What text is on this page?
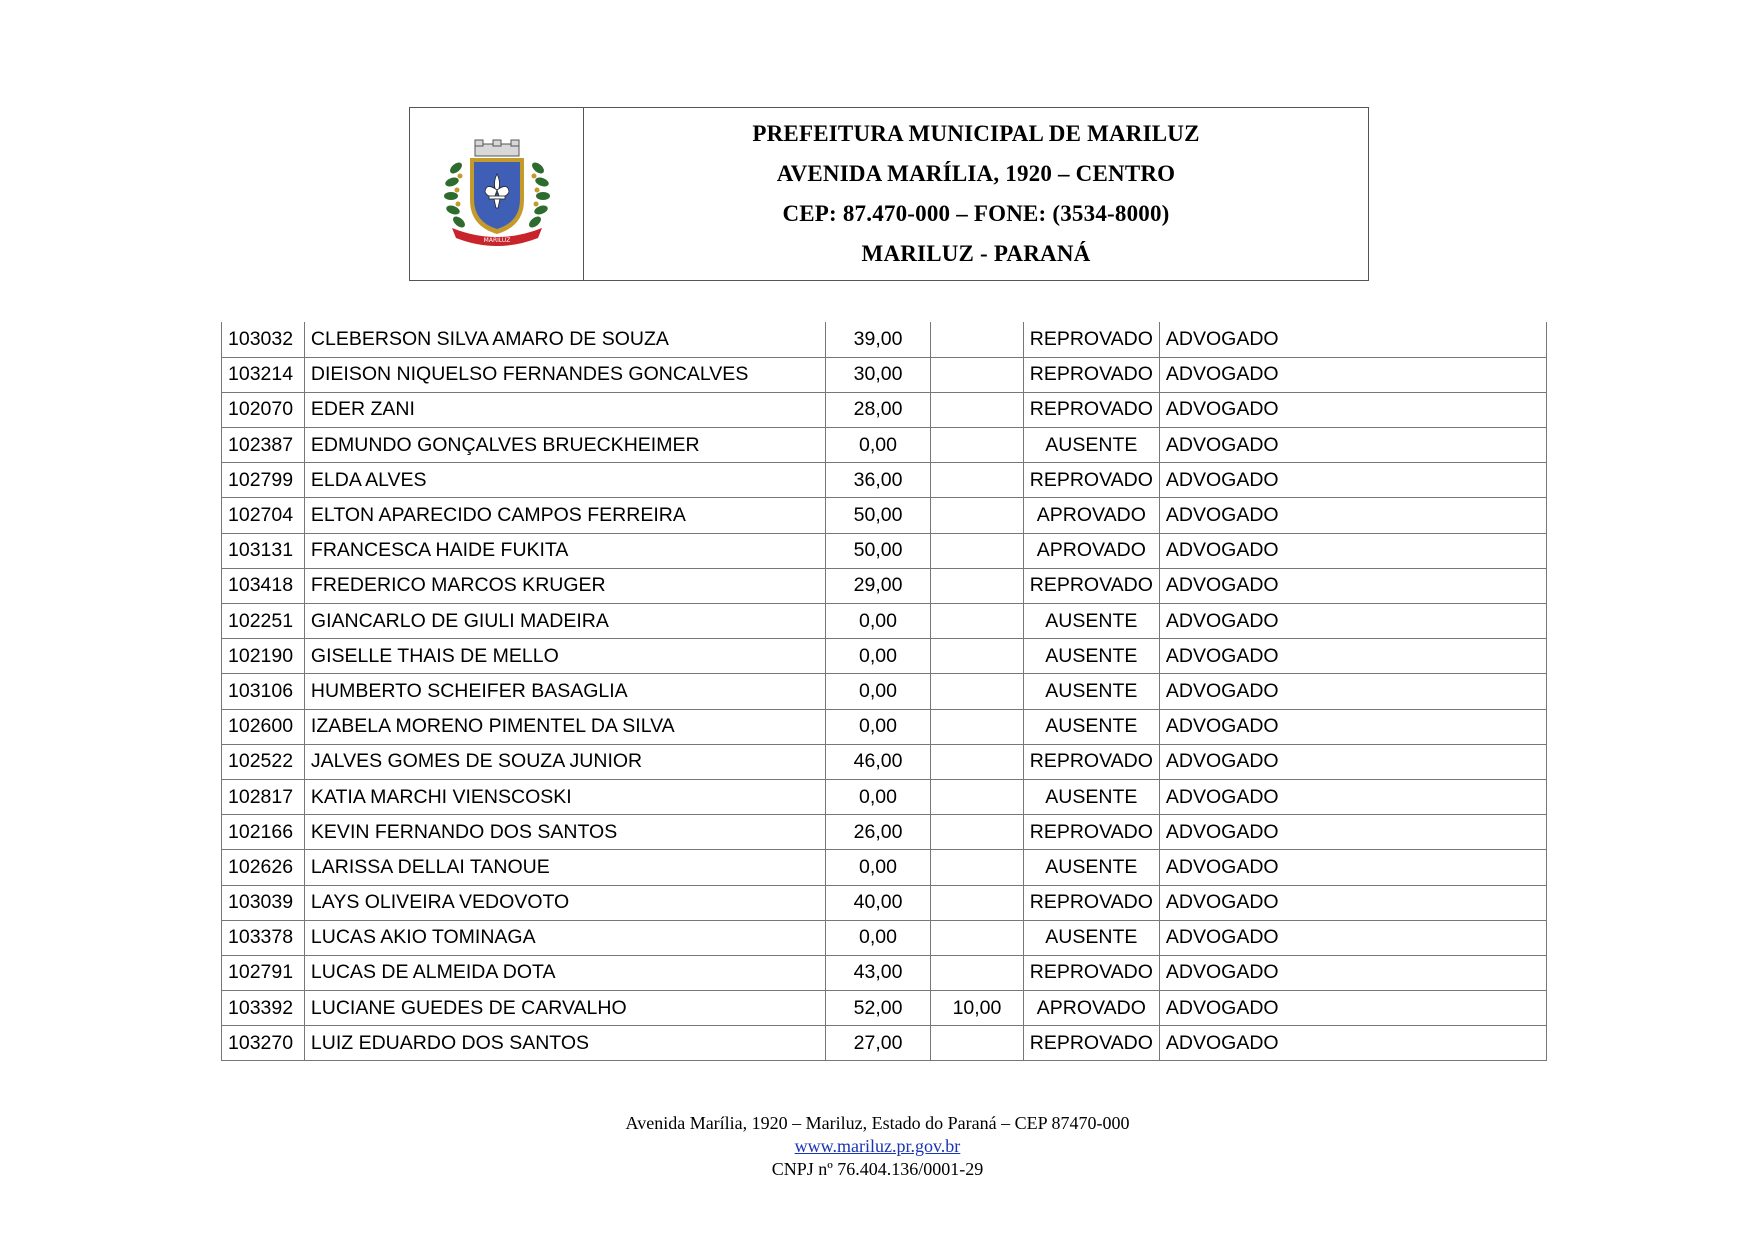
MARILUZ
PREFEITURA MUNICIPAL DE MARILUZ
AVENIDA MARÍLIA, 1920 – CENTRO
CEP: 87.470-000 – FONE: (3534-8000)
MARILUZ - PARANÁ
103032	CLEBERSON SILVA AMARO DE SOUZA	39,00		REPROVADO	ADVOGADO
103214	DIEISON NIQUELSO FERNANDES GONCALVES	30,00		REPROVADO	ADVOGADO
102070	EDER ZANI	28,00		REPROVADO	ADVOGADO
102387	EDMUNDO GONÇALVES BRUECKHEIMER	0,00		AUSENTE	ADVOGADO
102799	ELDA ALVES	36,00		REPROVADO	ADVOGADO
102704	ELTON APARECIDO CAMPOS FERREIRA	50,00		APROVADO	ADVOGADO
103131	FRANCESCA HAIDE FUKITA	50,00		APROVADO	ADVOGADO
103418	FREDERICO MARCOS KRUGER	29,00		REPROVADO	ADVOGADO
102251	GIANCARLO DE GIULI MADEIRA	0,00		AUSENTE	ADVOGADO
102190	GISELLE THAIS DE MELLO	0,00		AUSENTE	ADVOGADO
103106	HUMBERTO SCHEIFER BASAGLIA	0,00		AUSENTE	ADVOGADO
102600	IZABELA MORENO PIMENTEL DA SILVA	0,00		AUSENTE	ADVOGADO
102522	JALVES GOMES DE SOUZA JUNIOR	46,00		REPROVADO	ADVOGADO
102817	KATIA MARCHI VIENSCOSKI	0,00		AUSENTE	ADVOGADO
102166	KEVIN FERNANDO DOS SANTOS	26,00		REPROVADO	ADVOGADO
102626	LARISSA DELLAI TANOUE	0,00		AUSENTE	ADVOGADO
103039	LAYS OLIVEIRA VEDOVOTO	40,00		REPROVADO	ADVOGADO
103378	LUCAS AKIO TOMINAGA	0,00		AUSENTE	ADVOGADO
102791	LUCAS DE ALMEIDA DOTA	43,00		REPROVADO	ADVOGADO
103392	LUCIANE GUEDES DE CARVALHO	52,00	10,00	APROVADO	ADVOGADO
103270	LUIZ EDUARDO DOS SANTOS	27,00		REPROVADO	ADVOGADO
Avenida Marília, 1920 – Mariluz, Estado do Paraná – CEP 87470-000
www.mariluz.pr.gov.br
CNPJ nº 76.404.136/0001-29
